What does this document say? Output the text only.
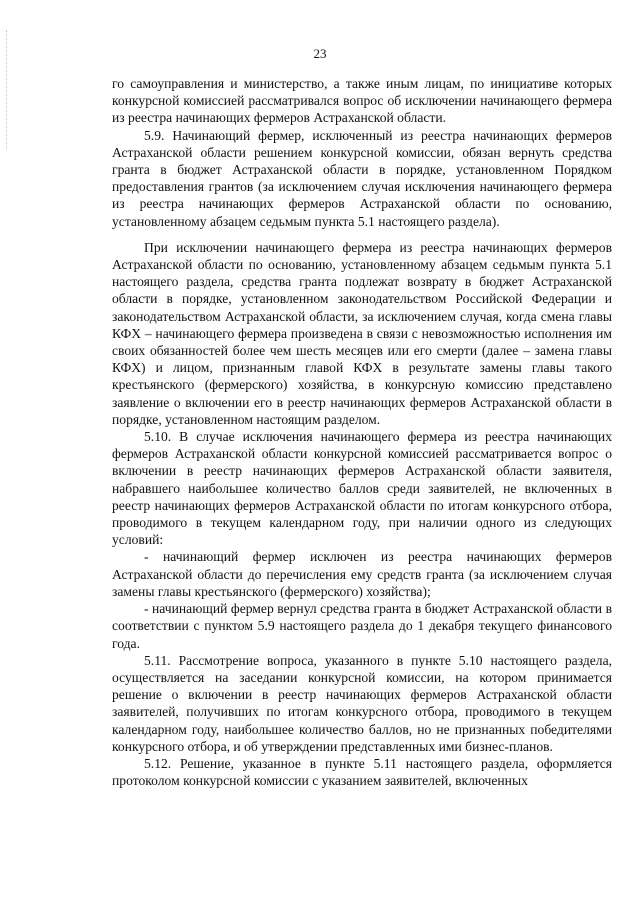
23

го самоуправления и министерство, а также иным лицам, по инициативе которых конкурсной комиссией рассматривался вопрос об исключении начинающего фермера из реестра начинающих фермеров Астраханской области.

5.9. Начинающий фермер, исключенный из реестра начинающих фермеров Астраханской области решением конкурсной комиссии, обязан вернуть средства гранта в бюджет Астраханской области в порядке, установленном Порядком предоставления грантов (за исключением случая исключения начинающего фермера из реестра начинающих фермеров Астраханской области по основанию, установленному абзацем седьмым пункта 5.1 настоящего раздела).

При исключении начинающего фермера из реестра начинающих фермеров Астраханской области по основанию, установленному абзацем седьмым пункта 5.1 настоящего раздела, средства гранта подлежат возврату в бюджет Астраханской области в порядке, установленном законодательством Российской Федерации и законодательством Астраханской области, за исключением случая, когда смена главы КФХ – начинающего фермера произведена в связи с невозможностью исполнения им своих обязанностей более чем шесть месяцев или его смерти (далее – замена главы КФХ) и лицом, признанным главой КФХ в результате замены главы такого крестьянского (фермерского) хозяйства, в конкурсную комиссию представлено заявление о включении его в реестр начинающих фермеров Астраханской области в порядке, установленном настоящим разделом.

5.10. В случае исключения начинающего фермера из реестра начинающих фермеров Астраханской области конкурсной комиссией рассматривается вопрос о включении в реестр начинающих фермеров Астраханской области заявителя, набравшего наибольшее количество баллов среди заявителей, не включенных в реестр начинающих фермеров Астраханской области по итогам конкурсного отбора, проводимого в текущем календарном году, при наличии одного из следующих условий:

- начинающий фермер исключен из реестра начинающих фермеров Астраханской области до перечисления ему средств гранта (за исключением случая замены главы крестьянского (фермерского) хозяйства);

- начинающий фермер вернул средства гранта в бюджет Астраханской области в соответствии с пунктом 5.9 настоящего раздела до 1 декабря текущего финансового года.

5.11. Рассмотрение вопроса, указанного в пункте 5.10 настоящего раздела, осуществляется на заседании конкурсной комиссии, на котором принимается решение о включении в реестр начинающих фермеров Астраханской области заявителей, получивших по итогам конкурсного отбора, проводимого в текущем календарном году, наибольшее количество баллов, но не признанных победителями конкурсного отбора, и об утверждении представленных ими бизнес-планов.

5.12. Решение, указанное в пункте 5.11 настоящего раздела, оформляется протоколом конкурсной комиссии с указанием заявителей, включенных
